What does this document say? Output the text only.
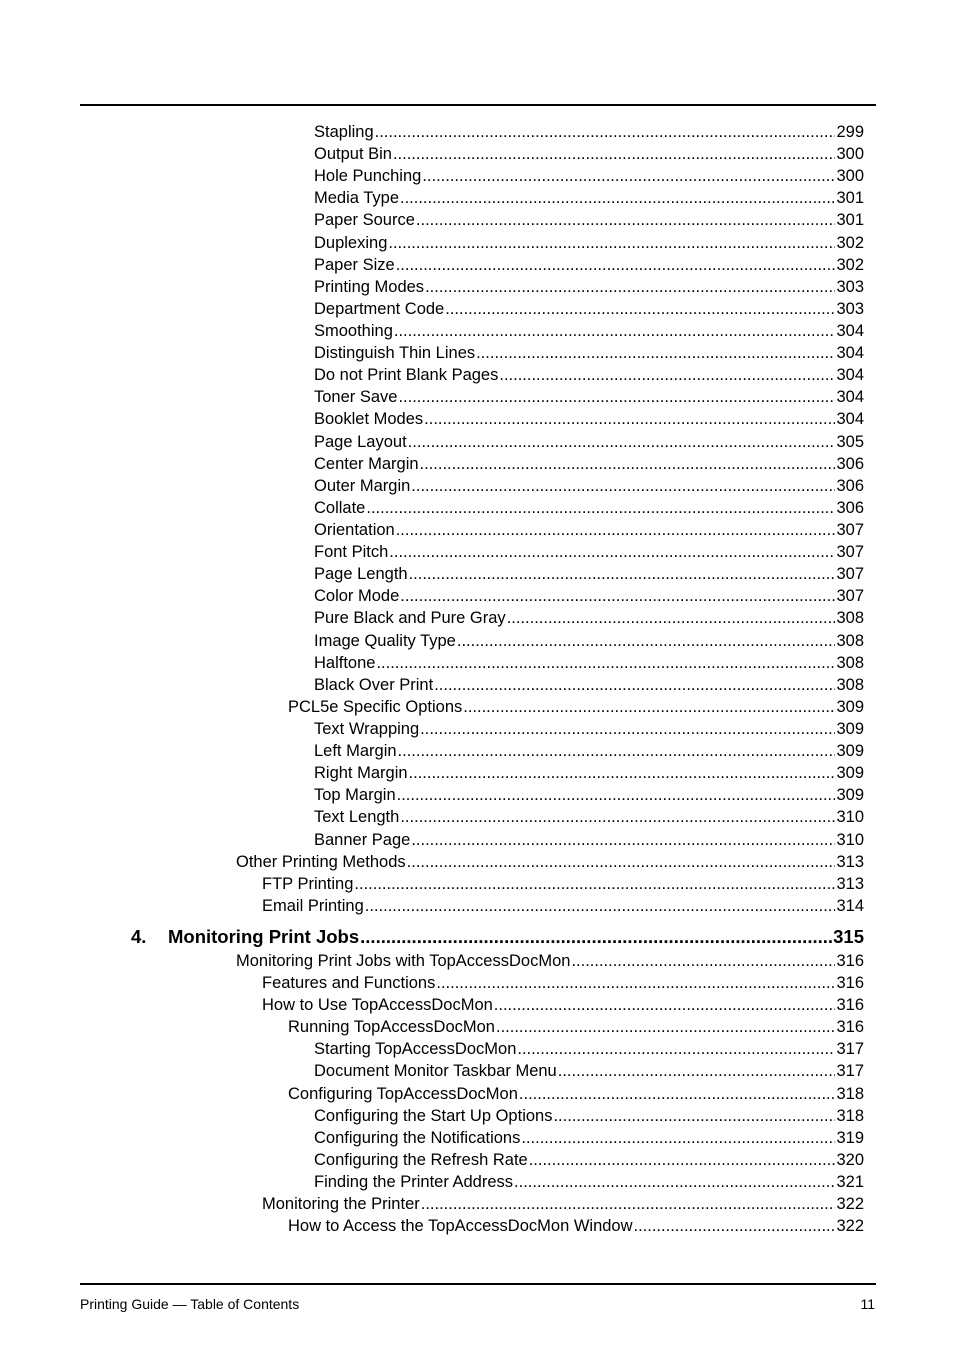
Stapling .....	299
Output Bin .....	300
Hole Punching .....	300
Media Type .....	301
Paper Source .....	301
Duplexing .....	302
Paper Size .....	302
Printing Modes .....	303
Department Code .....	303
Smoothing .....	304
Distinguish Thin Lines .....	304
Do not Print Blank Pages .....	304
Toner Save .....	304
Booklet Modes .....	304
Page Layout .....	305
Center Margin .....	306
Outer Margin .....	306
Collate .....	306
Orientation .....	307
Font Pitch .....	307
Page Length .....	307
Color Mode .....	307
Pure Black and Pure Gray .....	308
Image Quality Type .....	308
Halftone .....	308
Black Over Print .....	308
PCL5e Specific Options .....	309
Text Wrapping .....	309
Left Margin .....	309
Right Margin .....	309
Top Margin .....	309
Text Length .....	310
Banner Page .....	310
Other Printing Methods .....	313
FTP Printing .....	313
Email Printing .....	314
4. Monitoring Print Jobs .....	315
Monitoring Print Jobs with TopAccessDocMon .....	316
Features and Functions .....	316
How to Use TopAccessDocMon .....	316
Running TopAccessDocMon .....	316
Starting TopAccessDocMon .....	317
Document Monitor Taskbar Menu .....	317
Configuring TopAccessDocMon .....	318
Configuring the Start Up Options .....	318
Configuring the Notifications .....	319
Configuring the Refresh Rate .....	320
Finding the Printer Address .....	321
Monitoring the Printer .....	322
How to Access the TopAccessDocMon Window .....	322
Printing Guide — Table of Contents	11
